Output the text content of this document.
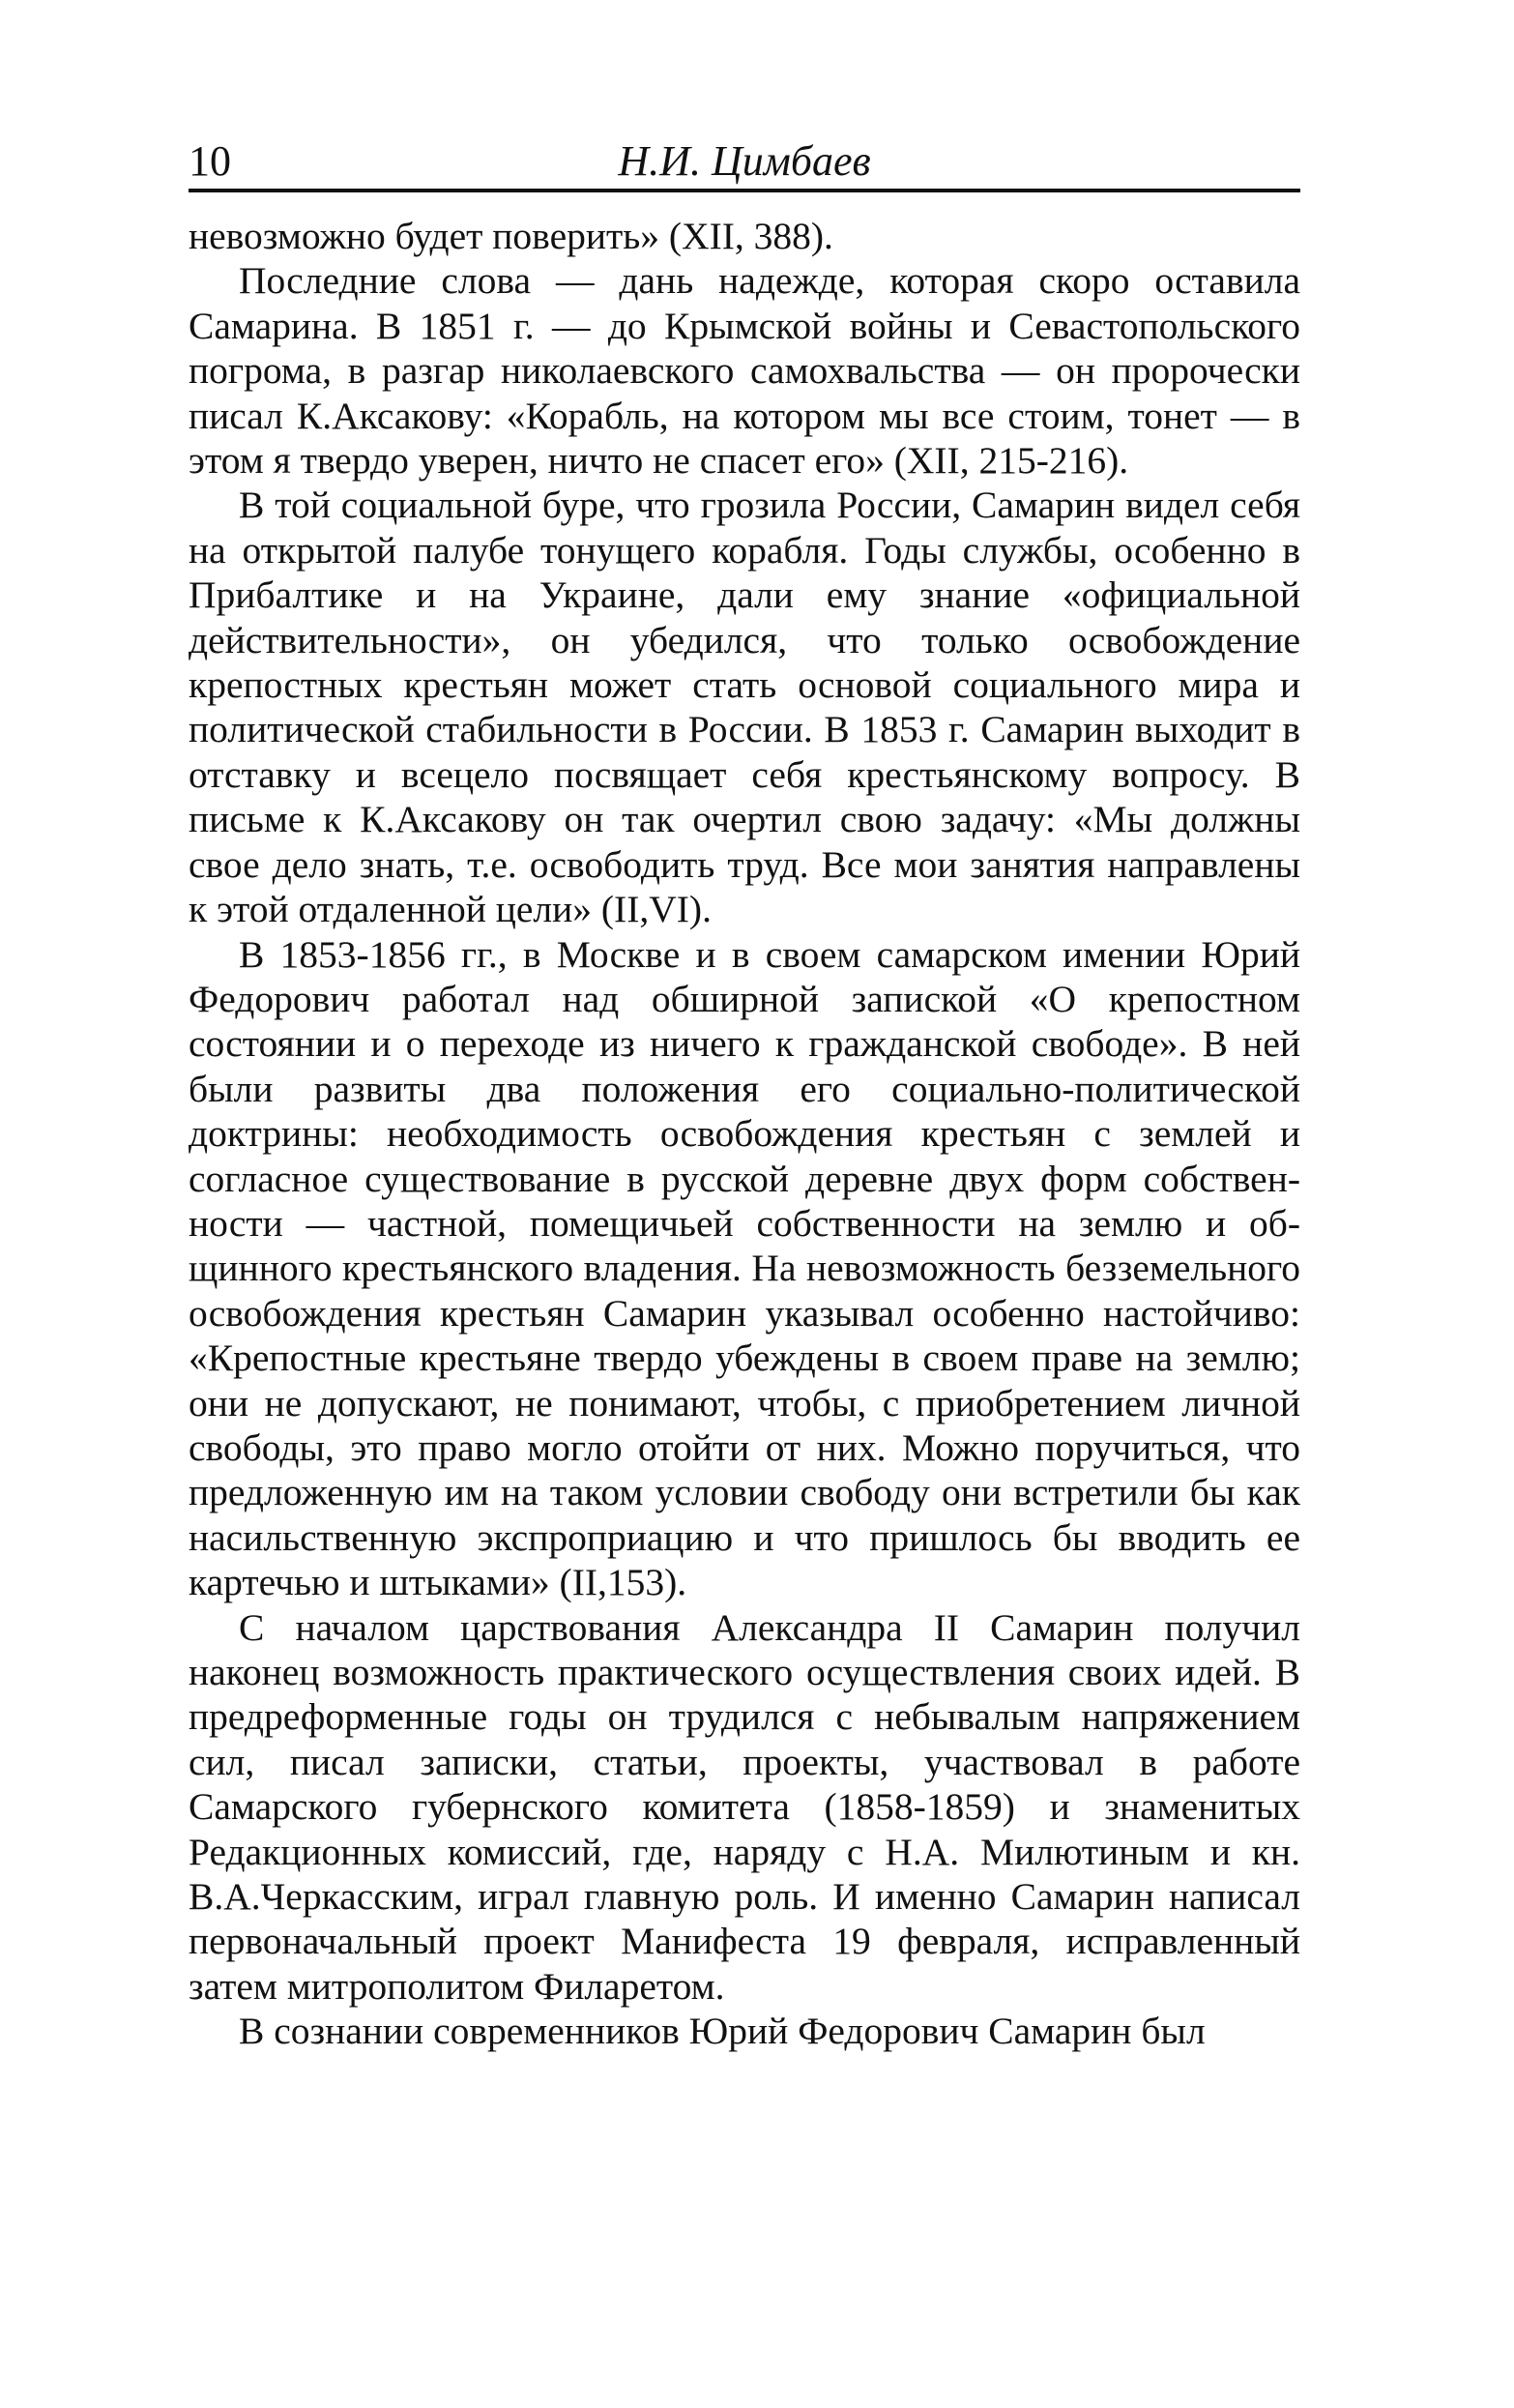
10	Н.И. Цимбаев

невозможно будет поверить» (XII, 388).

Последние слова — дань надежде, которая скоро оставила Самарина. В 1851 г. — до Крымской войны и Севастопольского погрома, в разгар николаевского самохвальства — он пророчески писал К.Аксакову: «Корабль, на котором мы все стоим, тонет — в этом я твердо уверен, ничто не спасет его» (XII, 215-216).

В той социальной буре, что грозила России, Самарин видел себя на открытой палубе тонущего корабля. Годы службы, особенно в Прибалтике и на Украине, дали ему знание «официальной действительности», он убедился, что только освобождение крепостных крестьян может стать основой социального мира и политической стабильности в России. В 1853 г. Самарин выходит в отставку и всецело посвящает себя крестьянскому вопросу. В письме к К.Аксакову он так очертил свою задачу: «Мы должны свое дело знать, т.е. освободить труд. Все мои занятия направлены к этой отдаленной цели» (II,VI).

В 1853-1856 гг., в Москве и в своем самарском имении Юрий Федорович работал над обширной запиской «О крепостном состоянии и о переходе из ничего к гражданской свободе». В ней были развиты два положения его социально-политической доктрины: необходимость освобождения крестьян с землей и согласное существование в русской деревне двух форм собственности — частной, помещичьей собственности на землю и общинного крестьянского владения. На невозможность безземельного освобождения крестьян Самарин указывал особенно настойчиво: «Крепостные крестьяне твердо убеждены в своем праве на землю; они не допускают, не понимают, чтобы, с приобретением личной свободы, это право могло отойти от них. Можно поручиться, что предложенную им на таком условии свободу они встретили бы как насильственную экспроприацию и что пришлось бы вводить ее картечью и штыками» (II,153).

С началом царствования Александра II Самарин получил наконец возможность практического осуществления своих идей. В предреформенные годы он трудился с небывалым напряжением сил, писал записки, статьи, проекты, участвовал в работе Самарского губернского комитета (1858-1859) и знаменитых Редакционных комиссий, где, наряду с Н.А. Милютиным и кн. В.А.Черкасским, играл главную роль. И именно Самарин написал первоначальный проект Манифеста 19 февраля, исправленный затем митрополитом Филаретом.

В сознании современников Юрий Федорович Самарин был
